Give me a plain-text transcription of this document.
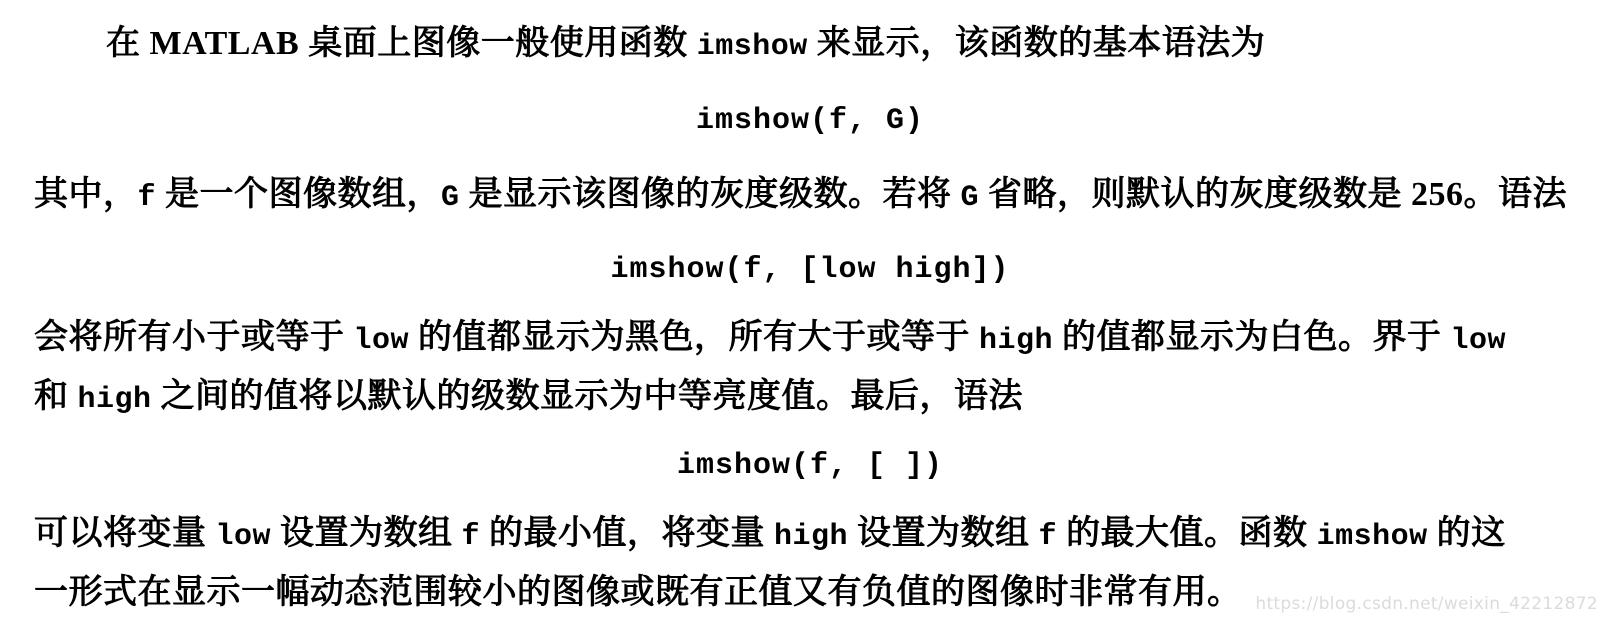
在 MATLAB 桌面上图像一般使用函数 imshow 来显示，该函数的基本语法为
imshow(f, G)
其中，f 是一个图像数组，G 是显示该图像的灰度级数。若将 G 省略，则默认的灰度级数是 256。语法
imshow(f, [low high])
会将所有小于或等于 low 的值都显示为黑色，所有大于或等于 high 的值都显示为白色。界于 low
和 high 之间的值将以默认的级数显示为中等亮度值。最后，语法
imshow(f, [ ])
可以将变量 low 设置为数组 f 的最小值，将变量 high 设置为数组 f 的最大值。函数 imshow 的这
一形式在显示一幅动态范围较小的图像或既有正值又有负值的图像时非常有用。 https://blog.csdn.net/weixin_42212872
